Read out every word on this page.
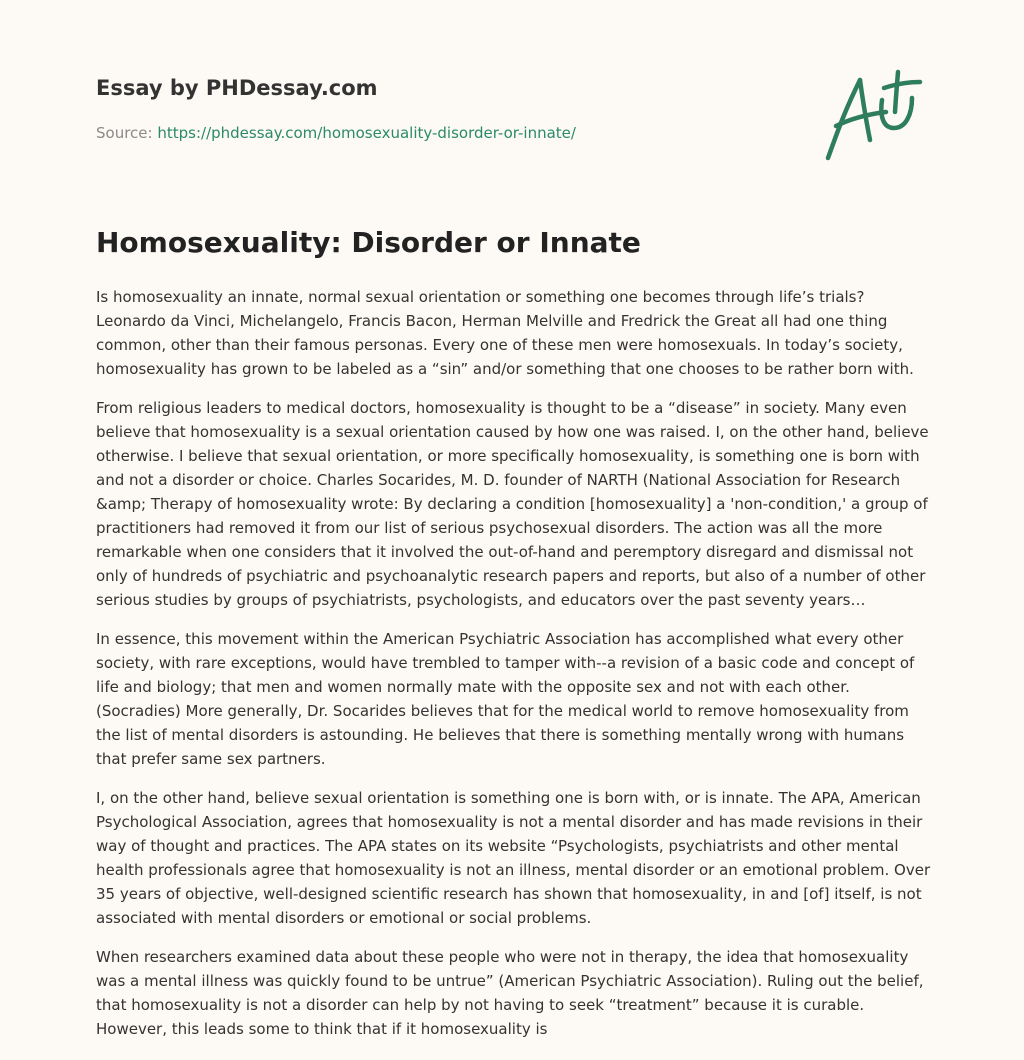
Essay by PHDessay.com
Source: https://phdessay.com/homosexuality-disorder-or-innate/
Homosexuality: Disorder or Innate

Is homosexuality an innate, normal sexual orientation or something one becomes through life’s trials? Leonardo da Vinci, Michelangelo, Francis Bacon, Herman Melville and Fredrick the Great all had one thing common, other than their famous personas. Every one of these men were homosexuals. In today’s society, homosexuality has grown to be labeled as a “sin” and/or something that one chooses to be rather born with.

From religious leaders to medical doctors, homosexuality is thought to be a “disease” in society. Many even believe that homosexuality is a sexual orientation caused by how one was raised. I, on the other hand, believe otherwise. I believe that sexual orientation, or more specifically homosexuality, is something one is born with and not a disorder or choice. Charles Socarides, M. D. founder of NARTH (National Association for Research &amp; Therapy of homosexuality wrote: By declaring a condition [homosexuality] a 'non-condition,' a group of practitioners had removed it from our list of serious psychosexual disorders. The action was all the more remarkable when one considers that it involved the out-of-hand and peremptory disregard and dismissal not only of hundreds of psychiatric and psychoanalytic research papers and reports, but also of a number of other serious studies by groups of psychiatrists, psychologists, and educators over the past seventy years…

In essence, this movement within the American Psychiatric Association has accomplished what every other society, with rare exceptions, would have trembled to tamper with--a revision of a basic code and concept of life and biology; that men and women normally mate with the opposite sex and not with each other. (Socradies) More generally, Dr. Socarides believes that for the medical world to remove homosexuality from the list of mental disorders is astounding. He believes that there is something mentally wrong with humans that prefer same sex partners.

I, on the other hand, believe sexual orientation is something one is born with, or is innate. The APA, American Psychological Association, agrees that homosexuality is not a mental disorder and has made revisions in their way of thought and practices. The APA states on its website “Psychologists, psychiatrists and other mental health professionals agree that homosexuality is not an illness, mental disorder or an emotional problem. Over 35 years of objective, well-designed scientific research has shown that homosexuality, in and [of] itself, is not associated with mental disorders or emotional or social problems.

When researchers examined data about these people who were not in therapy, the idea that homosexuality was a mental illness was quickly found to be untrue” (American Psychiatric Association). Ruling out the belief, that homosexuality is not a disorder can help by not having to seek “treatment” because it is curable. However, this leads some to think that if it homosexuality is
